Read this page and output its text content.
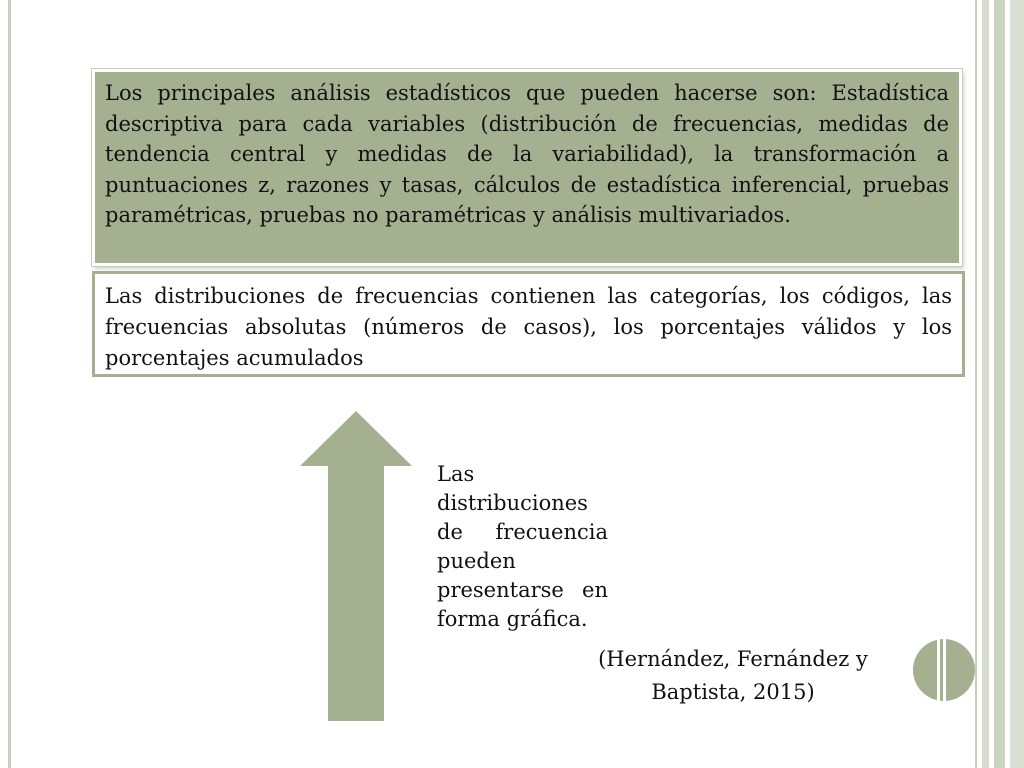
Los principales análisis estadísticos que pueden hacerse son: Estadística descriptiva para cada variables (distribución de frecuencias, medidas de tendencia central y medidas de la variabilidad), la transformación a puntuaciones z, razones y tasas, cálculos de estadística inferencial, pruebas paramétricas, pruebas no paramétricas y análisis multivariados.

Las distribuciones de frecuencias contienen las categorías, los códigos, las frecuencias absolutas (números de casos), los porcentajes válidos y los porcentajes acumulados

Las distribuciones de frecuencia pueden presentarse en forma gráfica.

(Hernández, Fernández y
Baptista, 2015)
